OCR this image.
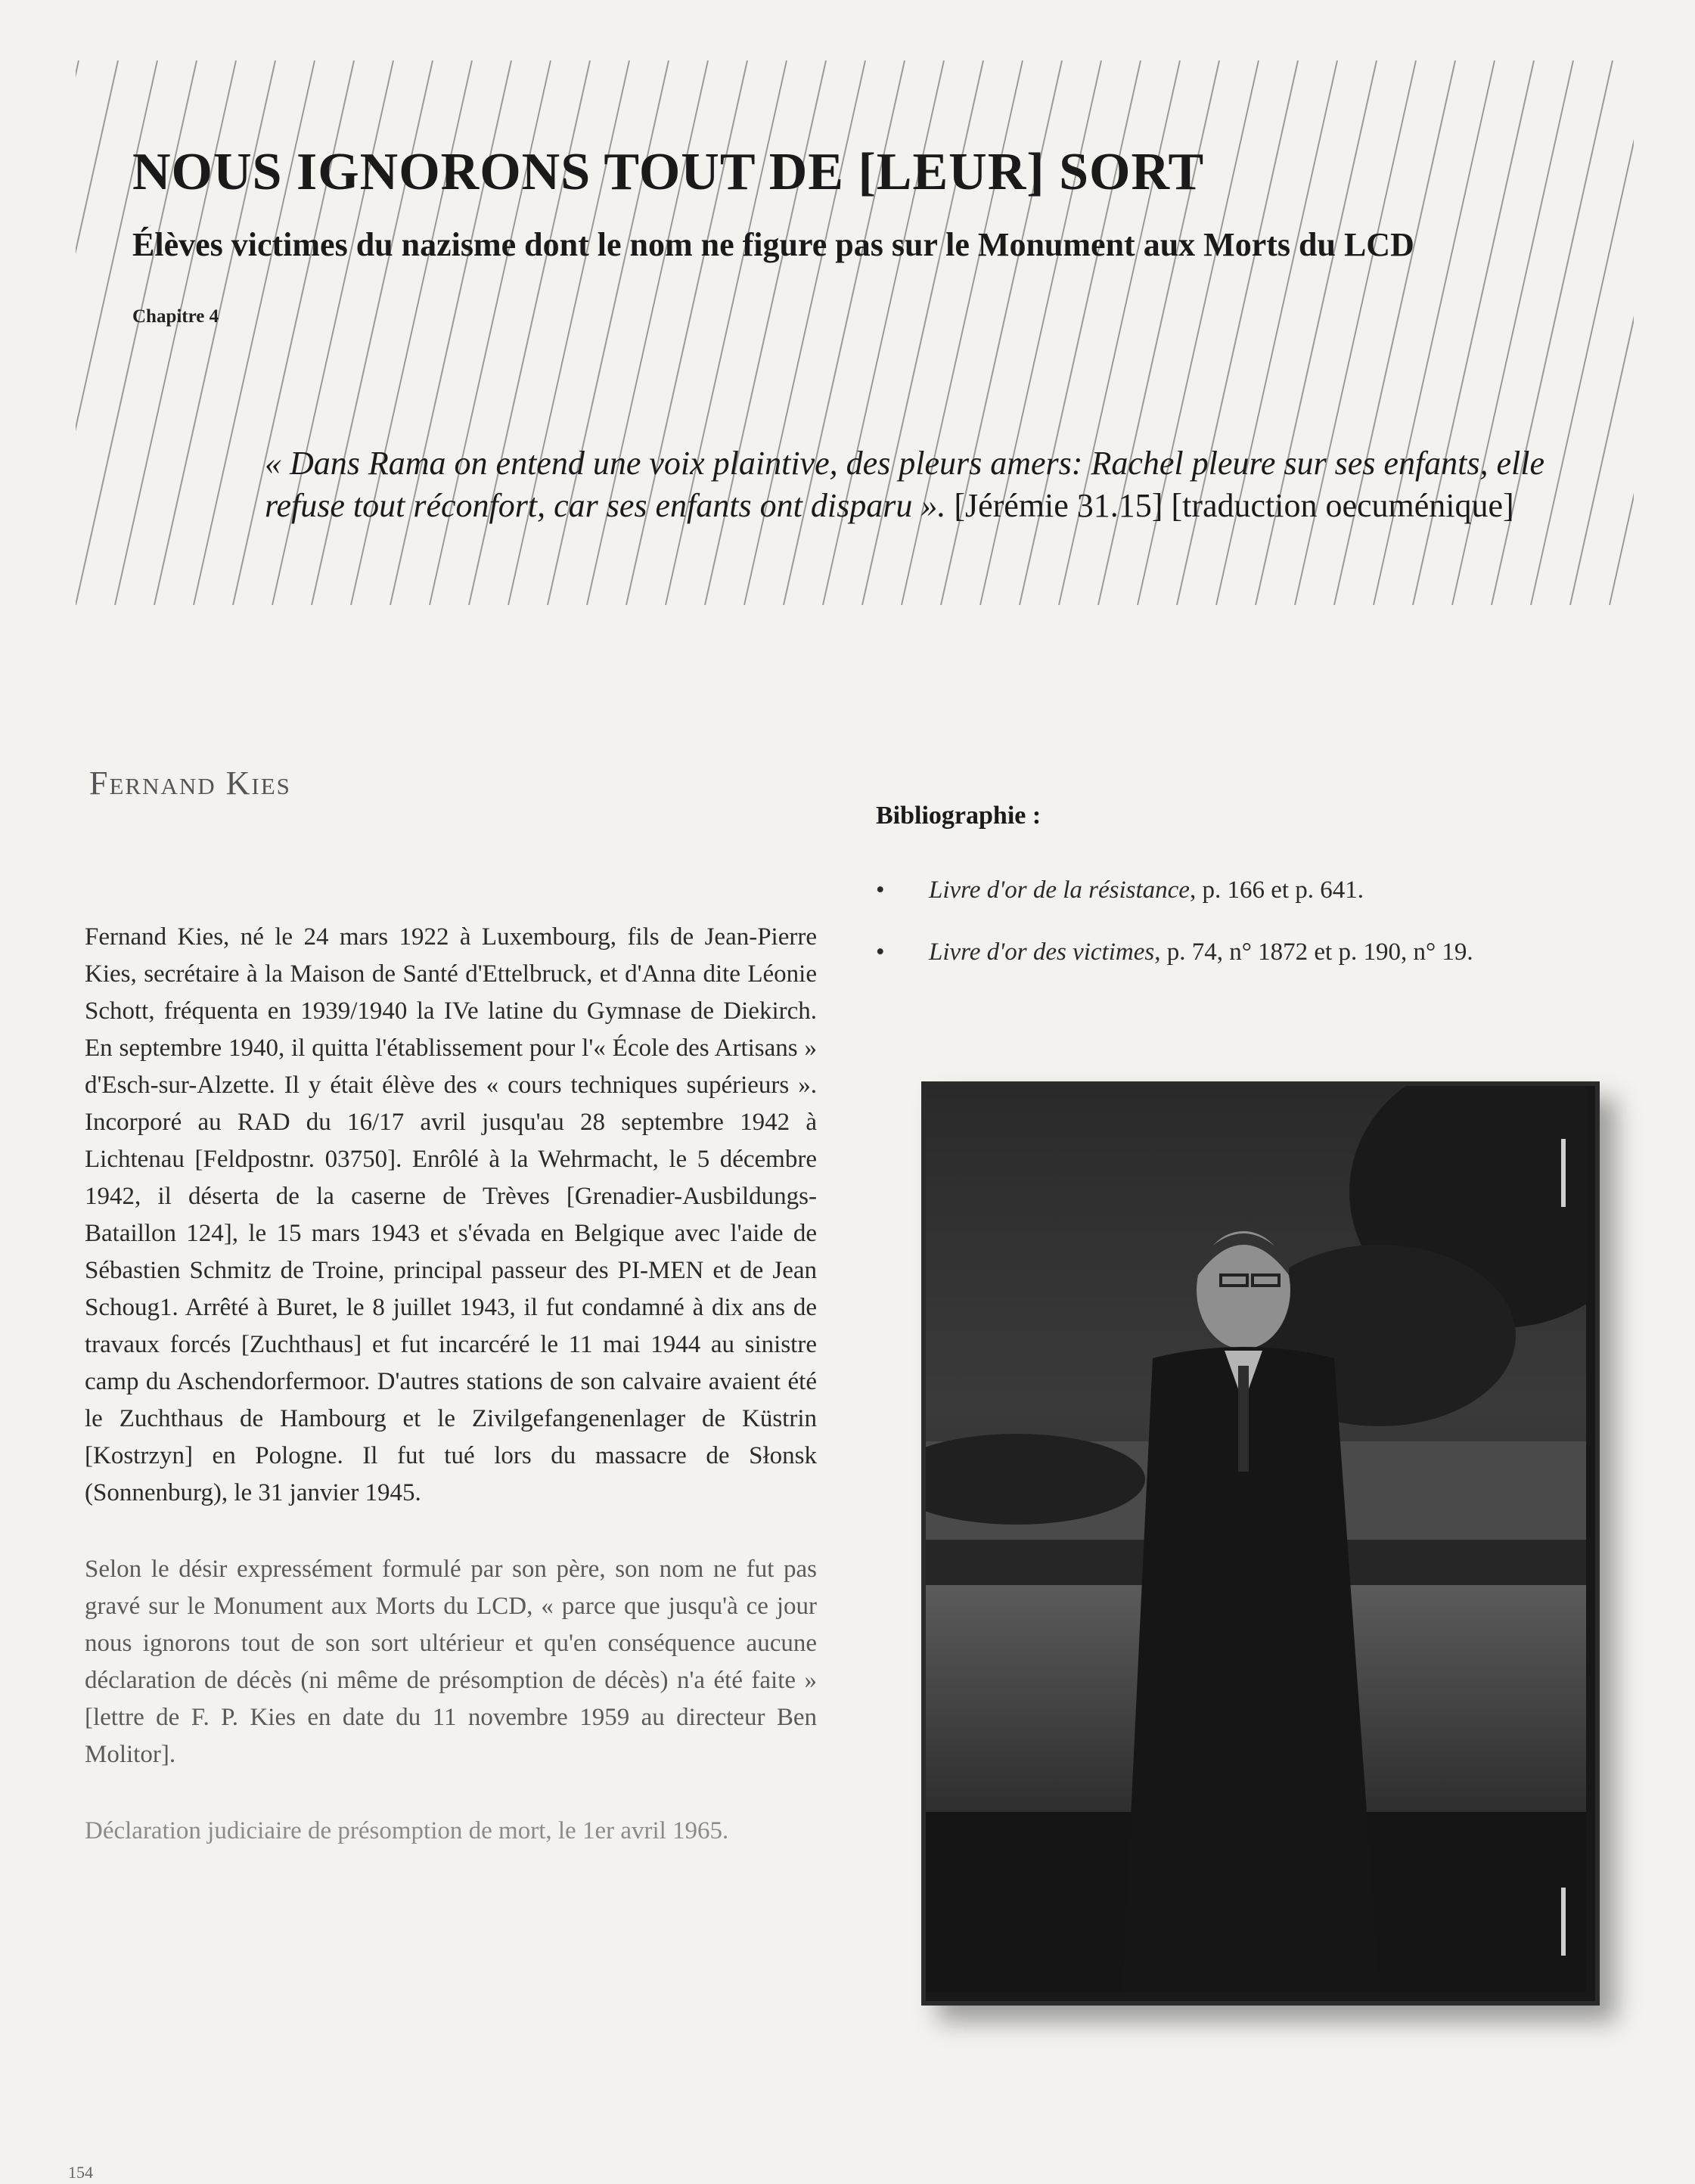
NOUS IGNORONS TOUT DE [LEUR] SORT
Élèves victimes du nazisme dont le nom ne figure pas sur le Monument aux Morts du LCD
Chapitre 4

« Dans Rama on entend une voix plaintive, des pleurs amers: Rachel pleure sur ses enfants, elle refuse tout réconfort, car ses enfants ont disparu ». [Jérémie 31.15] [traduction oecuménique]

Fernand Kies

Fernand Kies, né le 24 mars 1922 à Luxembourg, fils de Jean-Pierre Kies, secrétaire à la Maison de Santé d'Ettelbruck, et d'Anna dite Léonie Schott, fréquenta en 1939/1940 la IVe latine du Gymnase de Diekirch. En septembre 1940, il quitta l'établissement pour l'« École des Artisans » d'Esch-sur-Alzette. Il y était élève des « cours techniques supérieurs ». Incorporé au RAD du 16/17 avril jusqu'au 28 septembre 1942 à Lichtenau [Feldpostnr. 03750]. Enrôlé à la Wehrmacht, le 5 décembre 1942, il déserta de la caserne de Trèves [Grenadier-Ausbildungs-Bataillon 124], le 15 mars 1943 et s'évada en Belgique avec l'aide de Sébastien Schmitz de Troine, principal passeur des PI-MEN et de Jean Schoug1. Arrêté à Buret, le 8 juillet 1943, il fut condamné à dix ans de travaux forcés [Zuchthaus] et fut incarcéré le 11 mai 1944 au sinistre camp du Aschendorfermoor. D'autres stations de son calvaire avaient été le Zuchthaus de Hambourg et le Zivilgefangenenlager de Küstrin [Kostrzyn] en Pologne. Il fut tué lors du massacre de Słonsk (Sonnenburg), le 31 janvier 1945.

Selon le désir expressément formulé par son père, son nom ne fut pas gravé sur le Monument aux Morts du LCD, « parce que jusqu'à ce jour nous ignorons tout de son sort ultérieur et qu'en conséquence aucune déclaration de décès (ni même de présomption de décès) n'a été faite » [lettre de F. P. Kies en date du 11 novembre 1959 au directeur Ben Molitor].

Déclaration judiciaire de présomption de mort, le 1er avril 1965.

Bibliographie :
• Livre d'or de la résistance, p. 166 et p. 641.
• Livre d'or des victimes, p. 74, n° 1872 et p. 190, n° 19.
154
